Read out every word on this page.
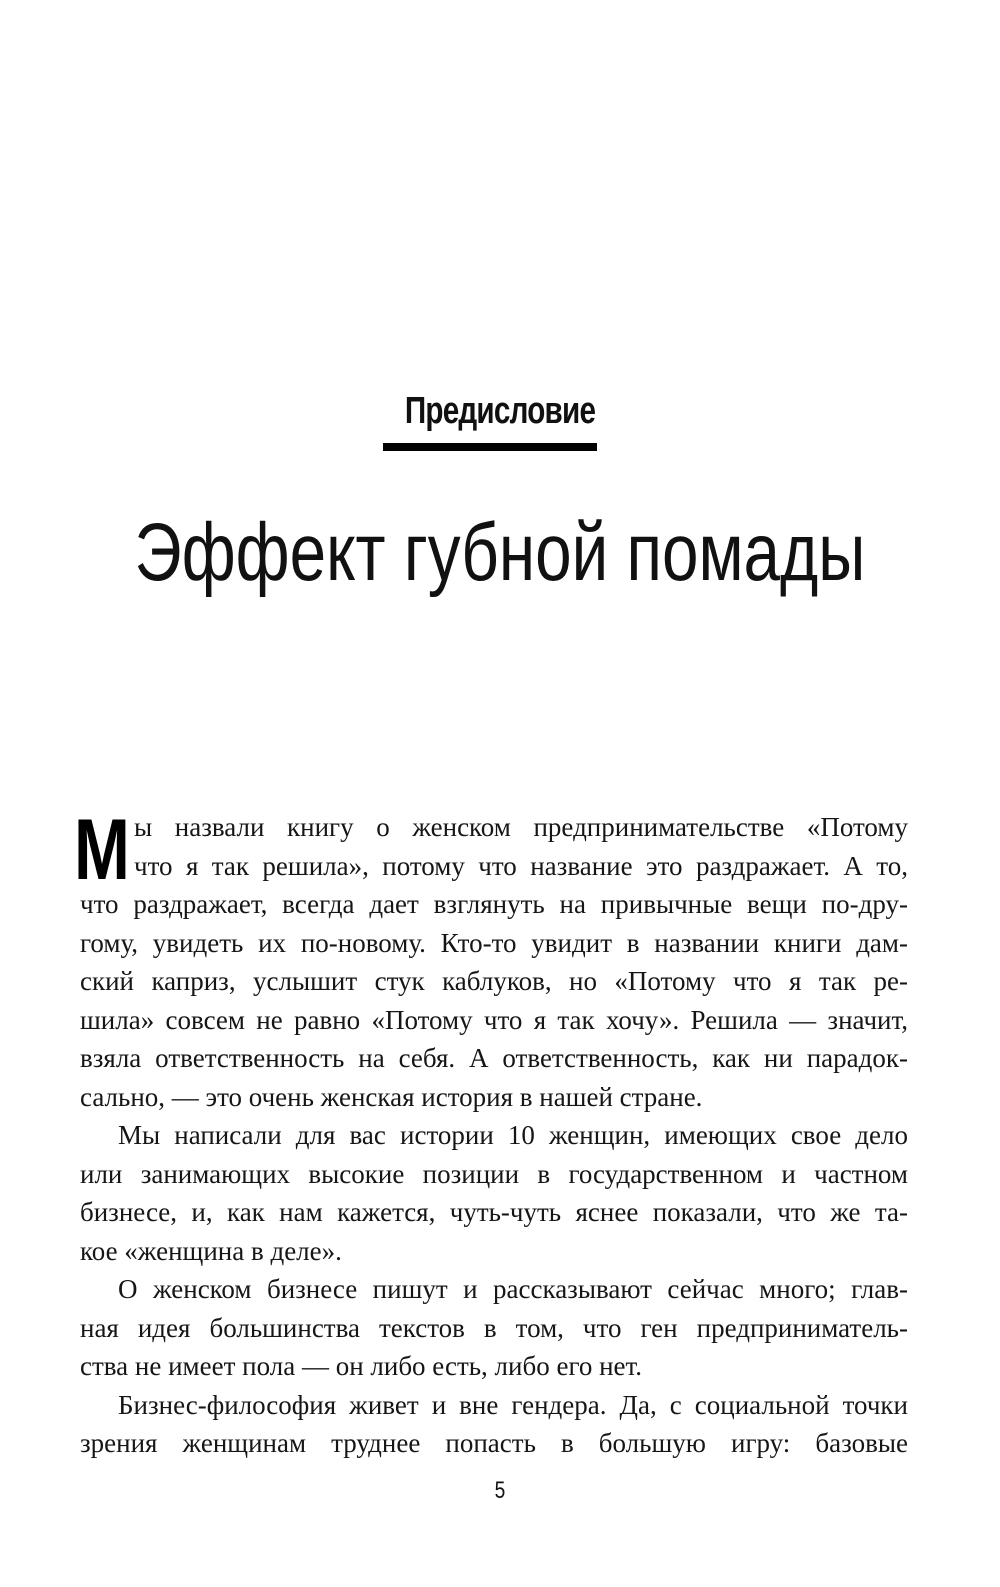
Предисловие
Эффект губной помады
М ы назвали книгу о женском предпринимательстве «Потому
что я так решила», потому что название это раздражает. А то,
что раздражает, всегда дает взглянуть на привычные вещи по-дру-
гому, увидеть их по-новому. Кто-то увидит в названии книги дам-
ский каприз, услышит стук каблуков, но «Потому что я так ре-
шила» совсем не равно «Потому что я так хочу». Решила — значит,
взяла ответственность на себя. А ответственность, как ни парадок-
сально, — это очень женская история в нашей стране.
Мы написали для вас истории 10 женщин, имеющих свое дело
или занимающих высокие позиции в государственном и частном
бизнесе, и, как нам кажется, чуть-чуть яснее показали, что же та-
кое «женщина в деле».
О женском бизнесе пишут и рассказывают сейчас много; глав-
ная идея большинства текстов в том, что ген предприниматель-
ства не имеет пола — он либо есть, либо его нет.
Бизнес-философия живет и вне гендера. Да, с социальной точки
зрения женщинам труднее попасть в большую игру: базовые
5
